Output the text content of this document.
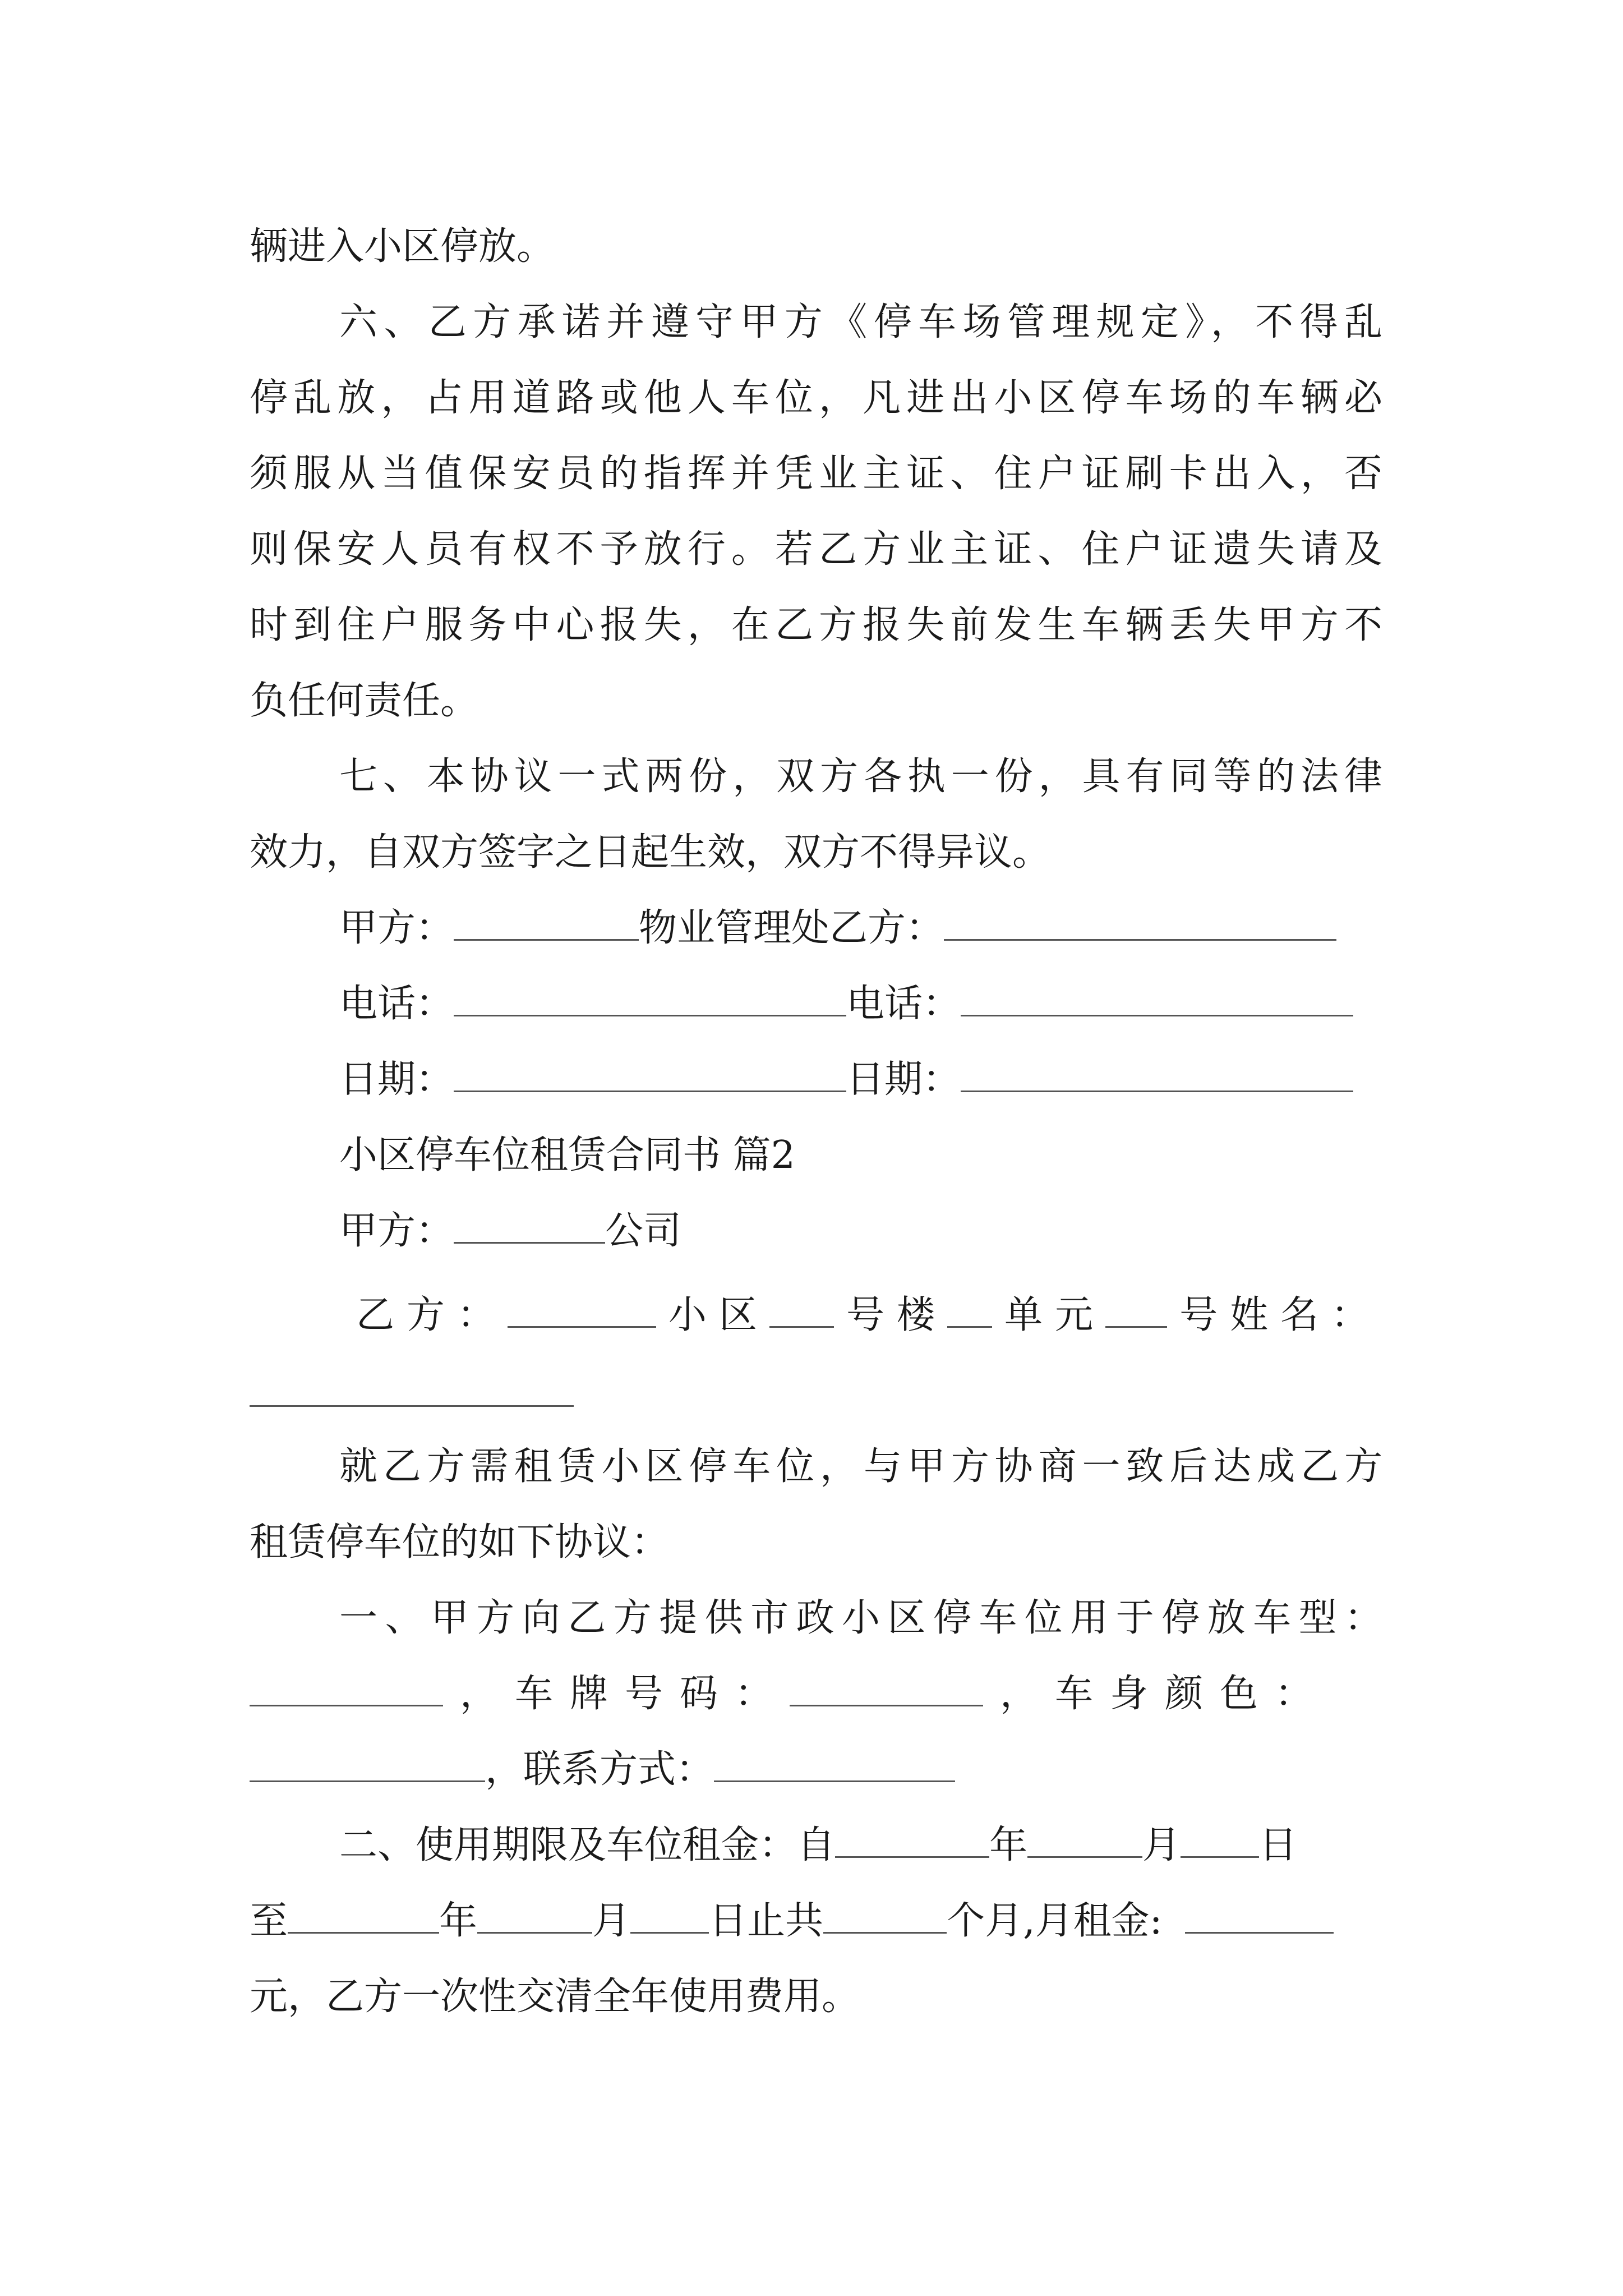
辆进入小区停放。
六、乙方承诺并遵守甲方《停车场管理规定》，不得乱
停乱放，占用道路或他人车位，凡进出小区停车场的车辆必
须服从当值保安员的指挥并凭业主证、住户证刷卡出入，否
则保安人员有权不予放行。若乙方业主证、住户证遗失请及
时到住户服务中心报失，在乙方报失前发生车辆丢失甲方不
负任何责任。
七、本协议一式两份，双方各执一份，具有同等的法律
效力，自双方签字之日起生效，双方不得异议。
甲方：	物业管理处乙方：
电话：	电话：
日期：	日期：
小区停车位租赁合同书 篇2
甲方：	公司
乙方：	小区 号楼 单元 号姓名：
就乙方需租赁小区停车位，与甲方协商一致后达成乙方
租赁停车位的如下协议：
一、甲方向乙方提供市政小区停车位用于停放车型：
，车牌号码：	，车身颜色：
，联系方式：
二、使用期限及车位租金：自	年	月 日
至	年	月 日止共	个月,月租金:
元，乙方一次性交清全年使用费用。
